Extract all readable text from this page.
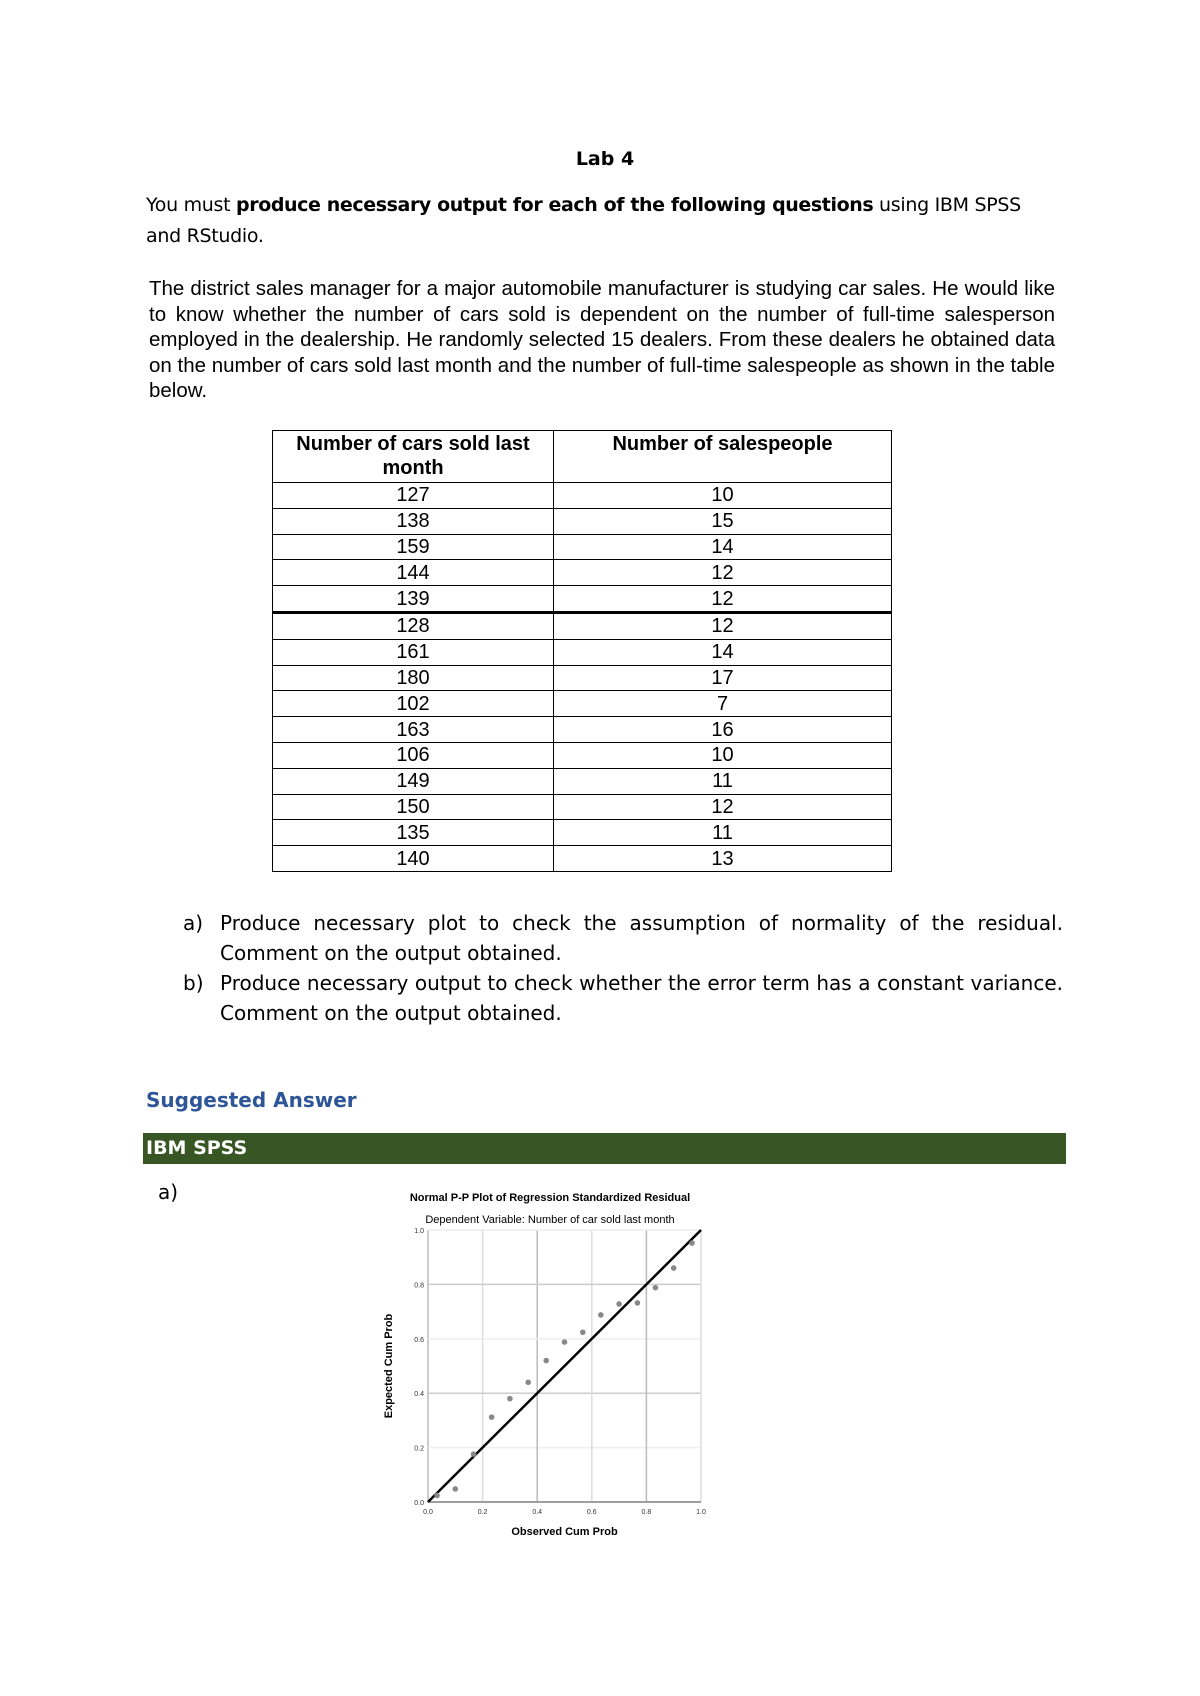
Lab 4
You must produce necessary output for each of the following questions using IBM SPSS and RStudio.
The district sales manager for a major automobile manufacturer is studying car sales. He would like to know whether the number of cars sold is dependent on the number of full-time salesperson employed in the dealership. He randomly selected 15 dealers. From these dealers he obtained data on the number of cars sold last month and the number of full-time salespeople as shown in the table below.
Number of cars sold last month	Number of salespeople
127	10
138	15
159	14
144	12
139	12
128	12
161	14
180	17
102	7
163	16
106	10
149	11
150	12
135	11
140	13
a) Produce necessary plot to check the assumption of normality of the residual. Comment on the output obtained.
b) Produce necessary output to check whether the error term has a constant variance. Comment on the output obtained.
Suggested Answer
IBM SPSS
a)	Normal P-P Plot of Regression Standardized Residual
Dependent Variable: Number of car sold last month
0.0
0.0
0.2
0.2
0.4
0.4
0.6
0.6
0.8
0.8
1.0
1.0
Observed Cum Prob
Expected Cum Prob
